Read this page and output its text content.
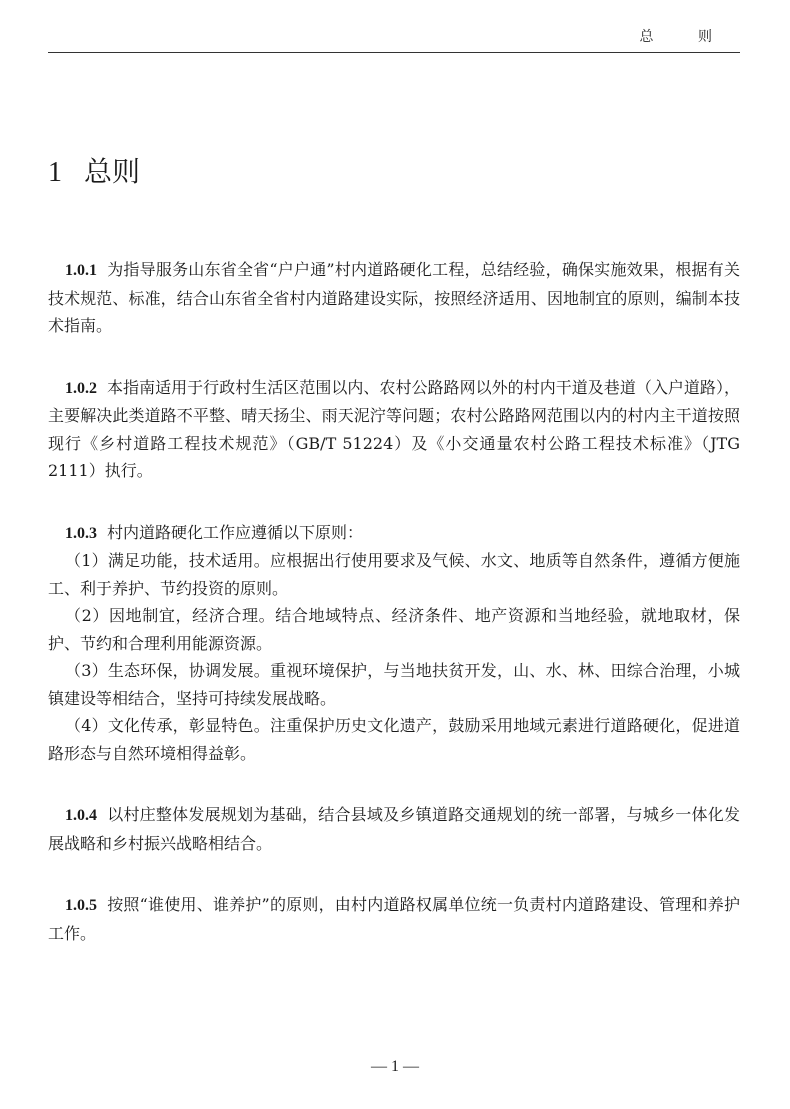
总 则
1 总则

1.0.1 为指导服务山东省全省“户户通”村内道路硬化工程，总结经验，确保实施效果，根据有关技术规范、标准，结合山东省全省村内道路建设实际，按照经济适用、因地制宜的原则，编制本技术指南。

1.0.2 本指南适用于行政村生活区范围以内、农村公路路网以外的村内干道及巷道（入户道路），主要解决此类道路不平整、晴天扬尘、雨天泥泞等问题；农村公路路网范围以内的村内主干道按照现行《乡村道路工程技术规范》（GB/T 51224）及《小交通量农村公路工程技术标准》（JTG 2111）执行。

1.0.3 村内道路硬化工作应遵循以下原则：

（1）满足功能，技术适用。应根据出行使用要求及气候、水文、地质等自然条件，遵循方便施工、利于养护、节约投资的原则。

（2）因地制宜，经济合理。结合地域特点、经济条件、地产资源和当地经验，就地取材，保护、节约和合理利用能源资源。

（3）生态环保，协调发展。重视环境保护，与当地扶贫开发，山、水、林、田综合治理，小城镇建设等相结合，坚持可持续发展战略。

（4）文化传承，彰显特色。注重保护历史文化遗产，鼓励采用地域元素进行道路硬化，促进道路形态与自然环境相得益彰。

1.0.4 以村庄整体发展规划为基础，结合县域及乡镇道路交通规划的统一部署，与城乡一体化发展战略和乡村振兴战略相结合。

1.0.5 按照“谁使用、谁养护”的原则，由村内道路权属单位统一负责村内道路建设、管理和养护工作。

— 1 —
